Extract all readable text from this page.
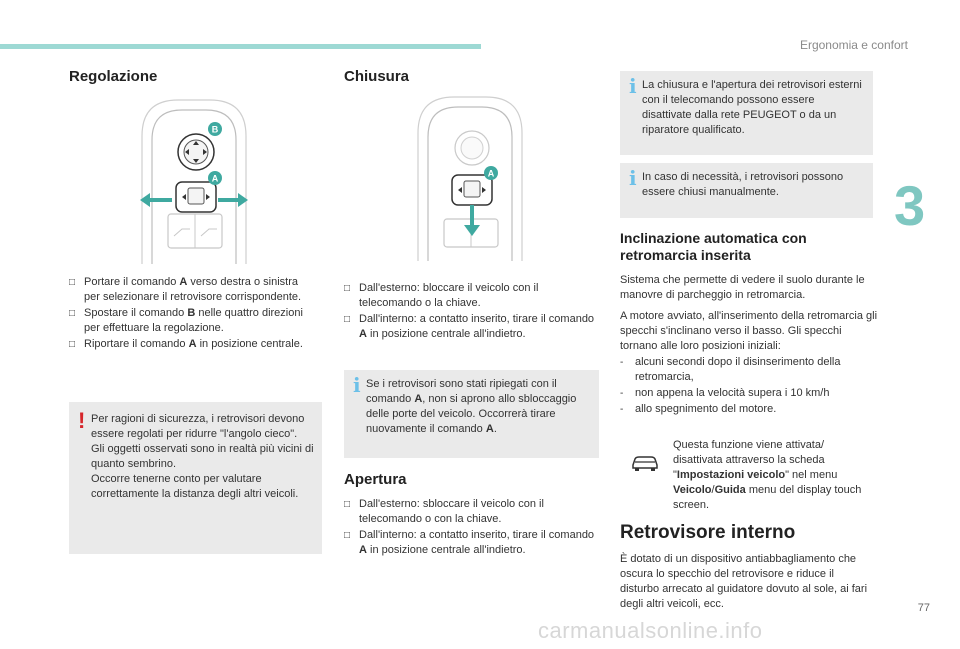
Ergonomia e confort
3
77
Regolazione
B
A
□ Portare il comando A verso destra o sinistra per selezionare il retrovisore corrispondente.
□ Spostare il comando B nelle quattro direzioni per effettuare la regolazione.
□ Riportare il comando A in posizione centrale.
! Per ragioni di sicurezza, i retrovisori devono essere regolati per ridurre "l'angolo cieco".
Gli oggetti osservati sono in realtà più vicini di quanto sembrino.
Occorre tenerne conto per valutare correttamente la distanza degli altri veicoli.
Chiusura
A
□ Dall'esterno: bloccare il veicolo con il telecomando o la chiave.
□ Dall'interno: a contatto inserito, tirare il comando A in posizione centrale all'indietro.
i Se i retrovisori sono stati ripiegati con il comando A, non si aprono allo sbloccaggio delle porte del veicolo. Occorrerà tirare nuovamente il comando A.
Apertura
□ Dall'esterno: sbloccare il veicolo con il telecomando o con la chiave.
□ Dall'interno: a contatto inserito, tirare il comando A in posizione centrale all'indietro.
i La chiusura e l'apertura dei retrovisori esterni con il telecomando possono essere disattivate dalla rete PEUGEOT o da un riparatore qualificato.
i In caso di necessità, i retrovisori possono essere chiusi manualmente.
Inclinazione automatica con retromarcia inserita

Sistema che permette di vedere il suolo durante le manovre di parcheggio in retromarcia.

A motore avviato, all'inserimento della retromarcia gli specchi s'inclinano verso il basso. Gli specchi tornano alle loro posizioni iniziali:

- alcuni secondi dopo il disinserimento della retromarcia,
- non appena la velocità supera i 10 km/h
- allo spegnimento del motore.
Questa funzione viene attivata/ disattivata attraverso la scheda "Impostazioni veicolo" nel menu Veicolo/Guida menu del display touch screen.
Retrovisore interno

È dotato di un dispositivo antiabbagliamento che oscura lo specchio del retrovisore e riduce il disturbo arrecato al guidatore dovuto al sole, ai fari degli altri veicoli, ecc.

carmanualsonline.info
